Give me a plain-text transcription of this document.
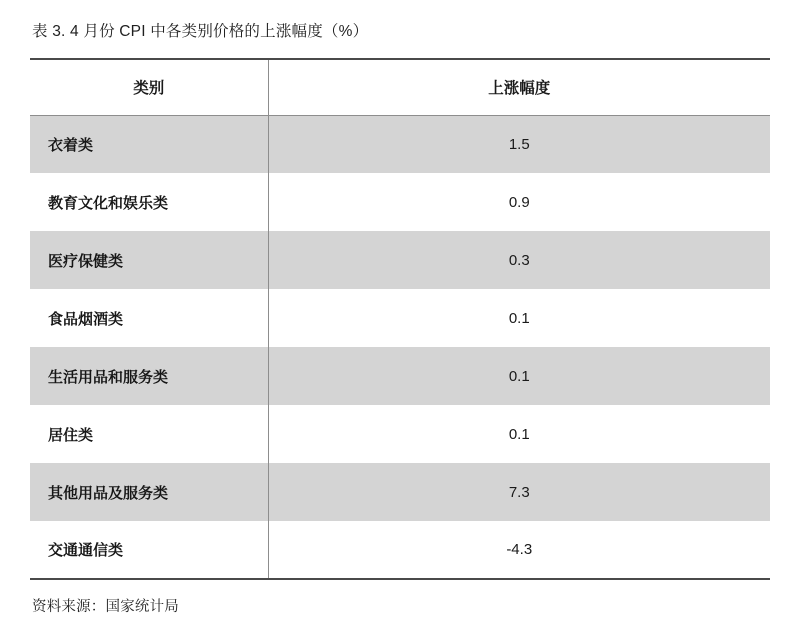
表 3. 4 月份 CPI 中各类别价格的上涨幅度（%）
类别	上涨幅度
衣着类	1.5
教育文化和娱乐类	0.9
医疗保健类	0.3
食品烟酒类	0.1
生活用品和服务类	0.1
居住类	0.1
其他用品及服务类	7.3
交通通信类	-4.3
资料来源：国家统计局
